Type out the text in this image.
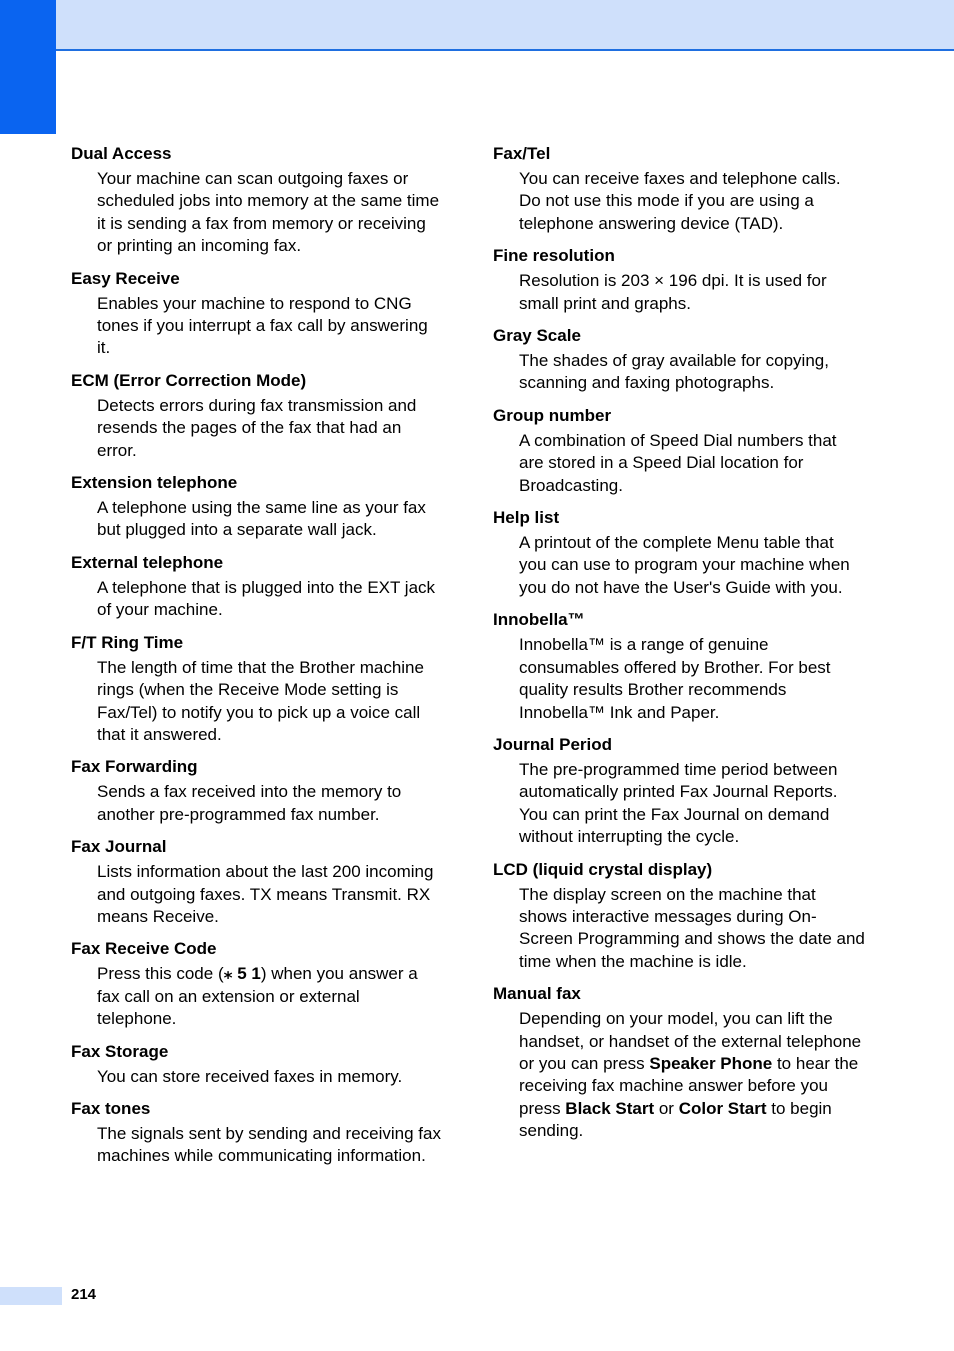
Dual Access
Your machine can scan outgoing faxes or scheduled jobs into memory at the same time it is sending a fax from memory or receiving or printing an incoming fax.
Easy Receive
Enables your machine to respond to CNG tones if you interrupt a fax call by answering it.
ECM (Error Correction Mode)
Detects errors during fax transmission and resends the pages of the fax that had an error.
Extension telephone
A telephone using the same line as your fax but plugged into a separate wall jack.
External telephone
A telephone that is plugged into the EXT jack of your machine.
F/T Ring Time
The length of time that the Brother machine rings (when the Receive Mode setting is Fax/Tel) to notify you to pick up a voice call that it answered.
Fax Forwarding
Sends a fax received into the memory to another pre-programmed fax number.
Fax Journal
Lists information about the last 200 incoming and outgoing faxes. TX means Transmit. RX means Receive.
Fax Receive Code
Press this code (⁎ 5 1) when you answer a fax call on an extension or external telephone.
Fax Storage
You can store received faxes in memory.
Fax tones
The signals sent by sending and receiving fax machines while communicating information.
Fax/Tel
You can receive faxes and telephone calls. Do not use this mode if you are using a telephone answering device (TAD).
Fine resolution
Resolution is 203 × 196 dpi. It is used for small print and graphs.
Gray Scale
The shades of gray available for copying, scanning and faxing photographs.
Group number
A combination of Speed Dial numbers that are stored in a Speed Dial location for Broadcasting.
Help list
A printout of the complete Menu table that you can use to program your machine when you do not have the User's Guide with you.
Innobella™
Innobella™ is a range of genuine consumables offered by Brother. For best quality results Brother recommends Innobella™ Ink and Paper.
Journal Period
The pre-programmed time period between automatically printed Fax Journal Reports. You can print the Fax Journal on demand without interrupting the cycle.
LCD (liquid crystal display)
The display screen on the machine that shows interactive messages during On-Screen Programming and shows the date and time when the machine is idle.
Manual fax
Depending on your model, you can lift the handset, or handset of the external telephone or you can press Speaker Phone to hear the receiving fax machine answer before you press Black Start or Color Start to begin sending.
214
